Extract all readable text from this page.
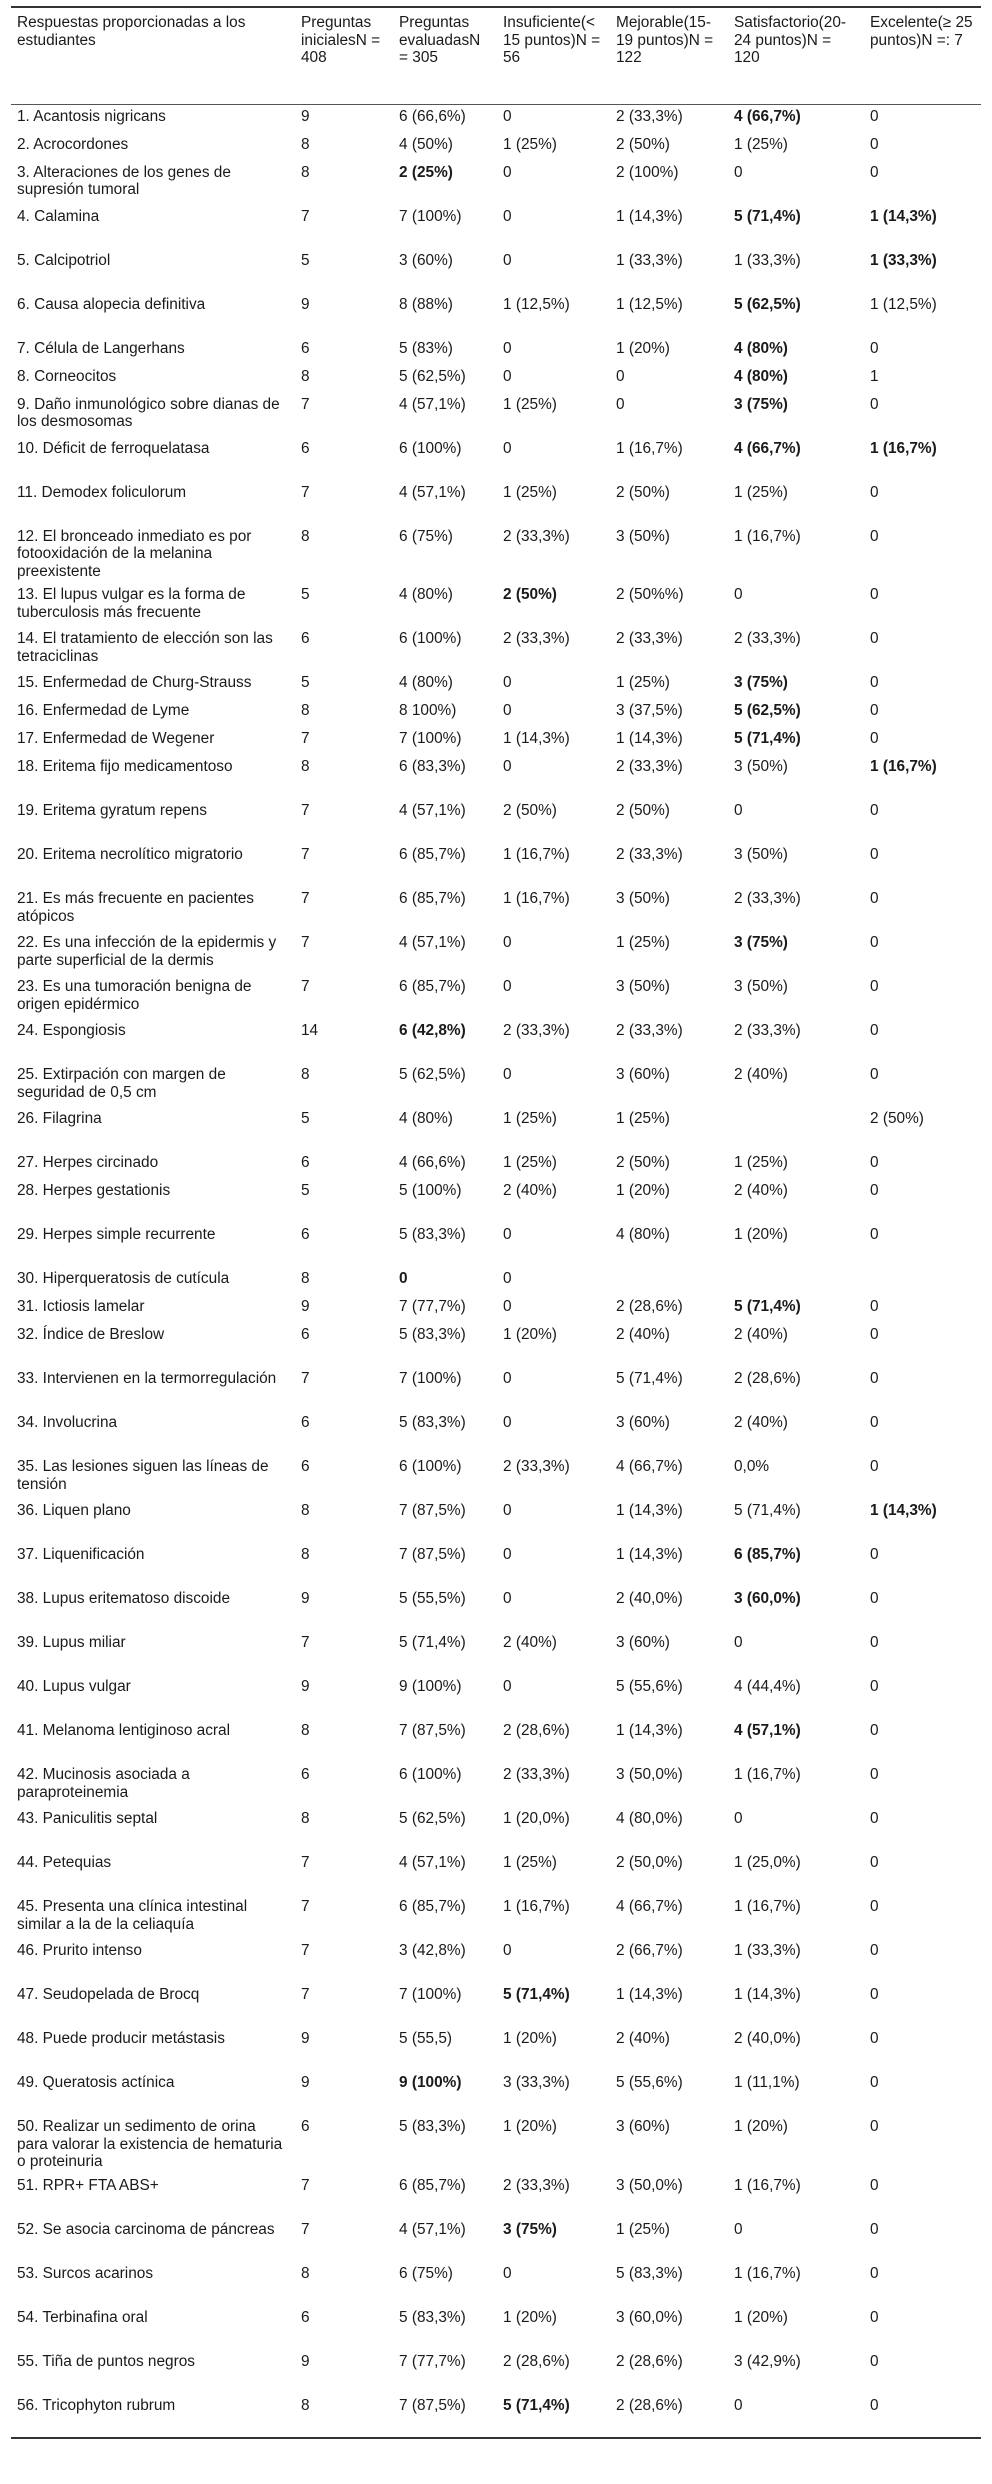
Respuestas proporcionadas a los estudiantes	Preguntas inicialesN = 408	Preguntas evaluadasN = 305	Insuficiente(< 15 puntos)N = 56	Mejorable(15-19 puntos)N = 122	Satisfactorio(20-24 puntos)N = 120	Excelente(≥ 25 puntos)N =: 7
1. Acantosis nigricans	9	6 (66,6%)	0	2 (33,3%)	4 (66,7%)	0
2. Acrocordones	8	4 (50%)	1 (25%)	2 (50%)	1 (25%)	0
3. Alteraciones de los genes de supresión tumoral	8	2 (25%)	0	2 (100%)	0	0
4. Calamina	7	7 (100%)	0	1 (14,3%)	5 (71,4%)	1 (14,3%)
5. Calcipotriol	5	3 (60%)	0	1 (33,3%)	1 (33,3%)	1 (33,3%)
6. Causa alopecia definitiva	9	8 (88%)	1 (12,5%)	1 (12,5%)	5 (62,5%)	1 (12,5%)
7. Célula de Langerhans	6	5 (83%)	0	1 (20%)	4 (80%)	0
8. Corneocitos	8	5 (62,5%)	0	0	4 (80%)	1
9. Daño inmunológico sobre dianas de los desmosomas	7	4 (57,1%)	1 (25%)	0	3 (75%)	0
10. Déficit de ferroquelatasa	6	6 (100%)	0	1 (16,7%)	4 (66,7%)	1 (16,7%)
11. Demodex foliculorum	7	4 (57,1%)	1 (25%)	2 (50%)	1 (25%)	0
12. El bronceado inmediato es por fotooxidación de la melanina preexistente	8	6 (75%)	2 (33,3%)	3 (50%)	1 (16,7%)	0
13. El lupus vulgar es la forma de tuberculosis más frecuente	5	4 (80%)	2 (50%)	2 (50%%)	0	0
14. El tratamiento de elección son las tetraciclinas	6	6 (100%)	2 (33,3%)	2 (33,3%)	2 (33,3%)	0
15. Enfermedad de Churg-Strauss	5	4 (80%)	0	1 (25%)	3 (75%)	0
16. Enfermedad de Lyme	8	8 100%)	0	3 (37,5%)	5 (62,5%)	0
17. Enfermedad de Wegener	7	7 (100%)	1 (14,3%)	1 (14,3%)	5 (71,4%)	0
18. Eritema fijo medicamentoso	8	6 (83,3%)	0	2 (33,3%)	3 (50%)	1 (16,7%)
19. Eritema gyratum repens	7	4 (57,1%)	2 (50%)	2 (50%)	0	0
20. Eritema necrolítico migratorio	7	6 (85,7%)	1 (16,7%)	2 (33,3%)	3 (50%)	0
21. Es más frecuente en pacientes atópicos	7	6 (85,7%)	1 (16,7%)	3 (50%)	2 (33,3%)	0
22. Es una infección de la epidermis y parte superficial de la dermis	7	4 (57,1%)	0	1 (25%)	3 (75%)	0
23. Es una tumoración benigna de origen epidérmico	7	6 (85,7%)	0	3 (50%)	3 (50%)	0
24. Espongiosis	14	6 (42,8%)	2 (33,3%)	2 (33,3%)	2 (33,3%)	0
25. Extirpación con margen de seguridad de 0,5 cm	8	5 (62,5%)	0	3 (60%)	2 (40%)	0
26. Filagrina	5	4 (80%)	1 (25%)	1 (25%)		2 (50%)
27. Herpes circinado	6	4 (66,6%)	1 (25%)	2 (50%)	1 (25%)	0
28. Herpes gestationis	5	5 (100%)	2 (40%)	1 (20%)	2 (40%)	0
29. Herpes simple recurrente	6	5 (83,3%)	0	4 (80%)	1 (20%)	0
30. Hiperqueratosis de cutícula	8	0	0			
31. Ictiosis lamelar	9	7 (77,7%)	0	2 (28,6%)	5 (71,4%)	0
32. Índice de Breslow	6	5 (83,3%)	1 (20%)	2 (40%)	2 (40%)	0
33. Intervienen en la termorregulación	7	7 (100%)	0	5 (71,4%)	2 (28,6%)	0
34. Involucrina	6	5 (83,3%)	0	3 (60%)	2 (40%)	0
35. Las lesiones siguen las líneas de tensión	6	6 (100%)	2 (33,3%)	4 (66,7%)	0,0%	0
36. Liquen plano	8	7 (87,5%)	0	1 (14,3%)	5 (71,4%)	1 (14,3%)
37. Liquenificación	8	7 (87,5%)	0	1 (14,3%)	6 (85,7%)	0
38. Lupus eritematoso discoide	9	5 (55,5%)	0	2 (40,0%)	3 (60,0%)	0
39. Lupus miliar	7	5 (71,4%)	2 (40%)	3 (60%)	0	0
40. Lupus vulgar	9	9 (100%)	0	5 (55,6%)	4 (44,4%)	0
41. Melanoma lentiginoso acral	8	7 (87,5%)	2 (28,6%)	1 (14,3%)	4 (57,1%)	0
42. Mucinosis asociada a paraproteinemia	6	6 (100%)	2 (33,3%)	3 (50,0%)	1 (16,7%)	0
43. Paniculitis septal	8	5 (62,5%)	1 (20,0%)	4 (80,0%)	0	0
44. Petequias	7	4 (57,1%)	1 (25%)	2 (50,0%)	1 (25,0%)	0
45. Presenta una clínica intestinal similar a la de la celiaquía	7	6 (85,7%)	1 (16,7%)	4 (66,7%)	1 (16,7%)	0
46. Prurito intenso	7	3 (42,8%)	0	2 (66,7%)	1 (33,3%)	0
47. Seudopelada de Brocq	7	7 (100%)	5 (71,4%)	1 (14,3%)	1 (14,3%)	0
48. Puede producir metástasis	9	5 (55,5)	1 (20%)	2 (40%)	2 (40,0%)	0
49. Queratosis actínica	9	9 (100%)	3 (33,3%)	5 (55,6%)	1 (11,1%)	0
50. Realizar un sedimento de orina para valorar la existencia de hematuria o proteinuria	6	5 (83,3%)	1 (20%)	3 (60%)	1 (20%)	0
51. RPR+ FTA ABS+	7	6 (85,7%)	2 (33,3%)	3 (50,0%)	1 (16,7%)	0
52. Se asocia carcinoma de páncreas	7	4 (57,1%)	3 (75%)	1 (25%)	0	0
53. Surcos acarinos	8	6 (75%)	0	5 (83,3%)	1 (16,7%)	0
54. Terbinafina oral	6	5 (83,3%)	1 (20%)	3 (60,0%)	1 (20%)	0
55. Tiña de puntos negros	9	7 (77,7%)	2 (28,6%)	2 (28,6%)	3 (42,9%)	0
56. Tricophyton rubrum	8	7 (87,5%)	5 (71,4%)	2 (28,6%)	0	0
